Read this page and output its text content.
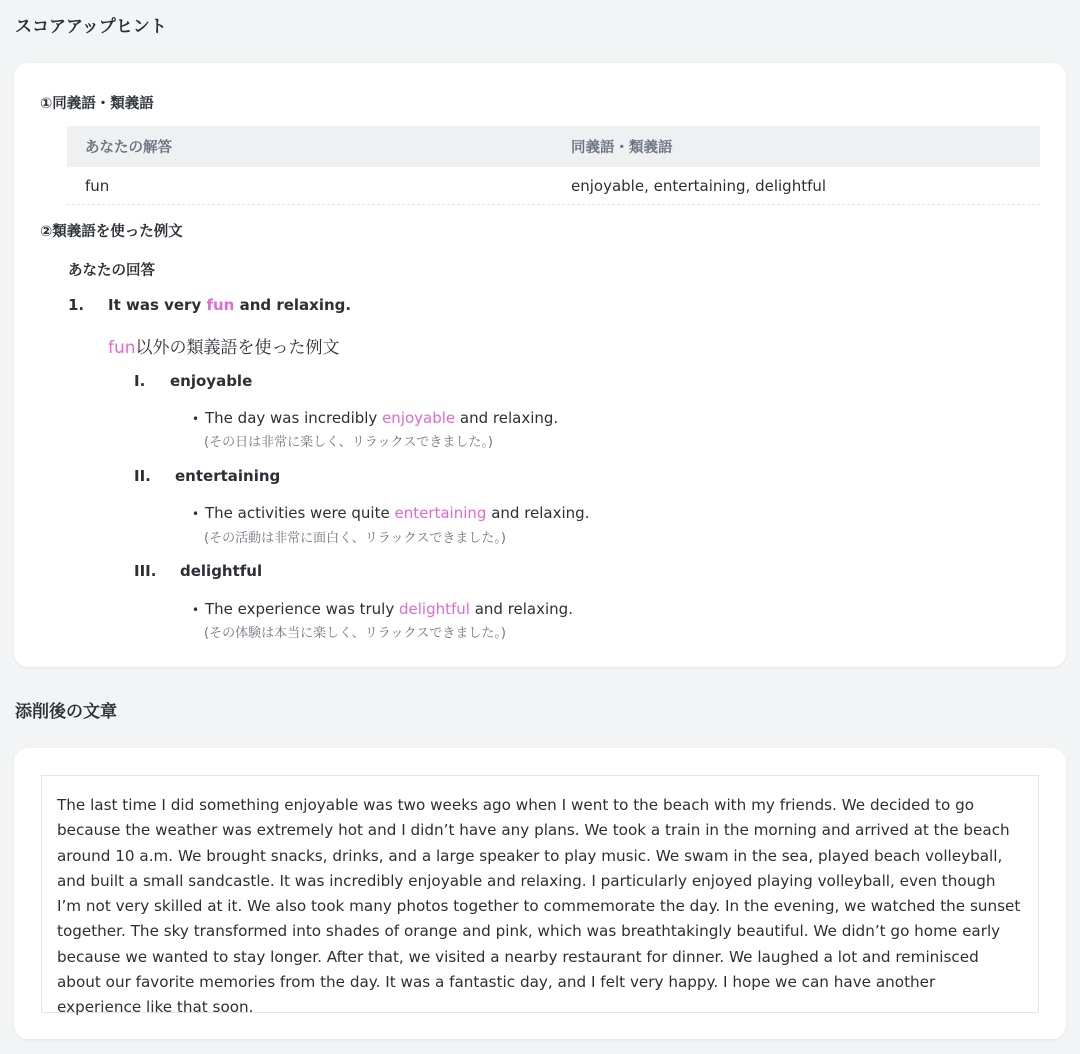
スコアアップヒント
①同義語・類義語
あなたの解答	同義語・類義語
fun	enjoyable, entertaining, delightful
②類義語を使った例文
あなたの回答
1. It was very fun and relaxing.
fun以外の類義語を使った例文
I. enjoyable
• The day was incredibly enjoyable and relaxing.
(その日は非常に楽しく、リラックスできました。)
II. entertaining
• The activities were quite entertaining and relaxing.
(その活動は非常に面白く、リラックスできました。)
III. delightful
• The experience was truly delightful and relaxing.
(その体験は本当に楽しく、リラックスできました。)
添削後の文章
The last time I did something enjoyable was two weeks ago when I went to the beach with my friends. We decided to go because the weather was extremely hot and I didn’t have any plans. We took a train in the morning and arrived at the beach around 10 a.m. We brought snacks, drinks, and a large speaker to play music. We swam in the sea, played beach volleyball, and built a small sandcastle. It was incredibly enjoyable and relaxing. I particularly enjoyed playing volleyball, even though I’m not very skilled at it. We also took many photos together to commemorate the day. In the evening, we watched the sunset together. The sky transformed into shades of orange and pink, which was breathtakingly beautiful. We didn’t go home early because we wanted to stay longer. After that, we visited a nearby restaurant for dinner. We laughed a lot and reminisced about our favorite memories from the day. It was a fantastic day, and I felt very happy. I hope we can have another experience like that soon.
